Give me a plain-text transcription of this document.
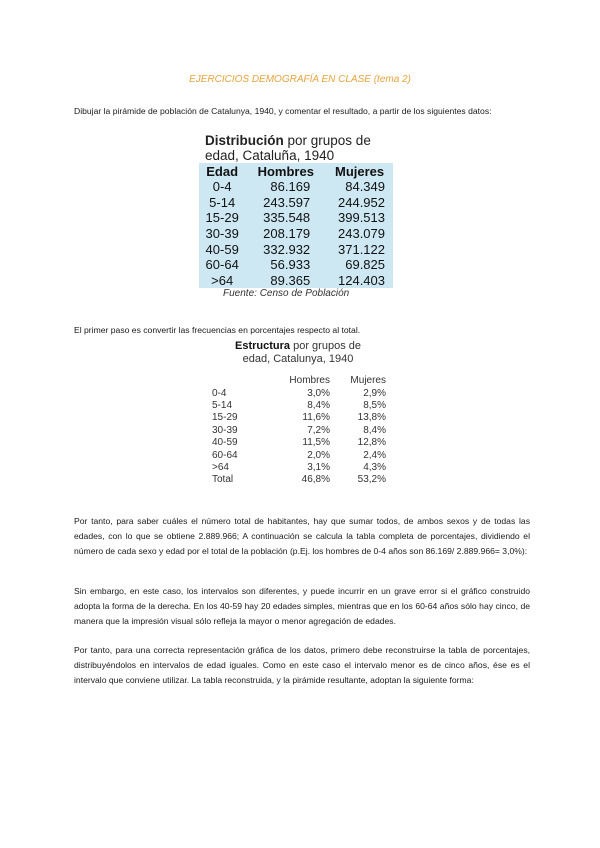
EJERCICIOS DEMOGRAFÍA EN CLASE (tema 2)
Dibujar la pirámide de población de Catalunya, 1940, y comentar el resultado, a partir de los siguientes datos:
Distribución por grupos de
edad, Cataluña, 1940
Edad	Hombres	Mujeres
0-4	86.169	84.349
5-14	243.597	244.952
15-29	335.548	399.513
30-39	208.179	243.079
40-59	332.932	371.122
60-64	56.933	69.825
>64	89.365	124.403
Fuente: Censo de Población
El primer paso es convertir las frecuencias en porcentajes respecto al total.
Estructura por grupos de
edad, Catalunya, 1940
	Hombres	Mujeres
0-4	3,0%	2,9%
5-14	8,4%	8,5%
15-29	11,6%	13,8%
30-39	7,2%	8,4%
40-59	11,5%	12,8%
60-64	2,0%	2,4%
>64	3,1%	4,3%
Total	46,8%	53,2%
Por tanto, para saber cuáles el número total de habitantes, hay que sumar todos, de ambos sexos y de todas las edades, con lo que se obtiene 2.889.966; A continuación se calcula la tabla completa de porcentajes, dividiendo el número de cada sexo y edad por el total de la población (p.Ej. los hombres de 0-4 años son 86.169/ 2.889.966= 3,0%):
Sin embargo, en este caso, los intervalos son diferentes, y puede incurrir en un grave error si el gráfico construido adopta la forma de la derecha. En los 40-59 hay 20 edades simples, mientras que en los 60-64 años sólo hay cinco, de manera que la impresión visual sólo refleja la mayor o menor agregación de edades.
Por tanto, para una correcta representación gráfica de los datos, primero debe reconstruirse la tabla de porcentajes, distribuyéndolos en intervalos de edad iguales. Como en este caso el intervalo menor es de cinco años, ése es el intervalo que conviene utilizar. La tabla reconstruida, y la pirámide resultante, adoptan la siguiente forma:
